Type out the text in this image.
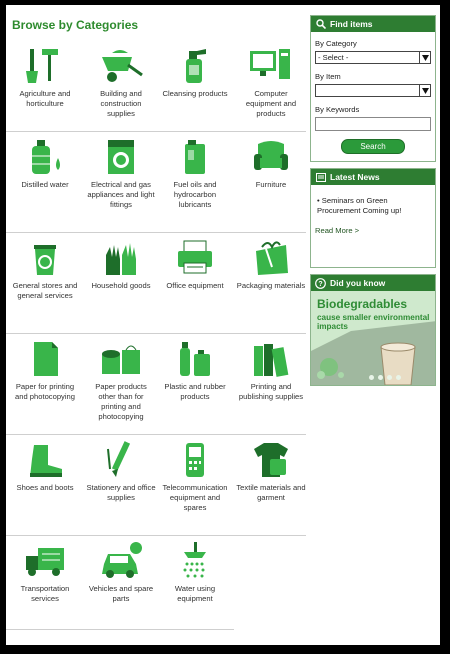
Browse by Categories
Agriculture and horticulture
Building and construction supplies
Cleansing products	Computer equipment and products
Distilled water	Electrical and gas appliances and light fittings
Fuel oils and hydrocarbon lubricants
Furniture
General stores and general services
Household goods	Office equipment	Packaging materials
Paper for printing and photocopying
Paper products other than for printing and photocopying
Plastic and rubber products
Printing and publishing supplies
Shoes and boots	Stationery and office supplies
Telecommunication equipment and spares
Textile materials and garment
Transportation services
Vehicles and spare parts
Water using equipment
Find items
By Category
- Select -
By Item
By Keywords
Search
Latest News
• Seminars on Green Procurement Coming up!
Read More >
? Did you know
Biodegradables
cause smaller environmental impacts
